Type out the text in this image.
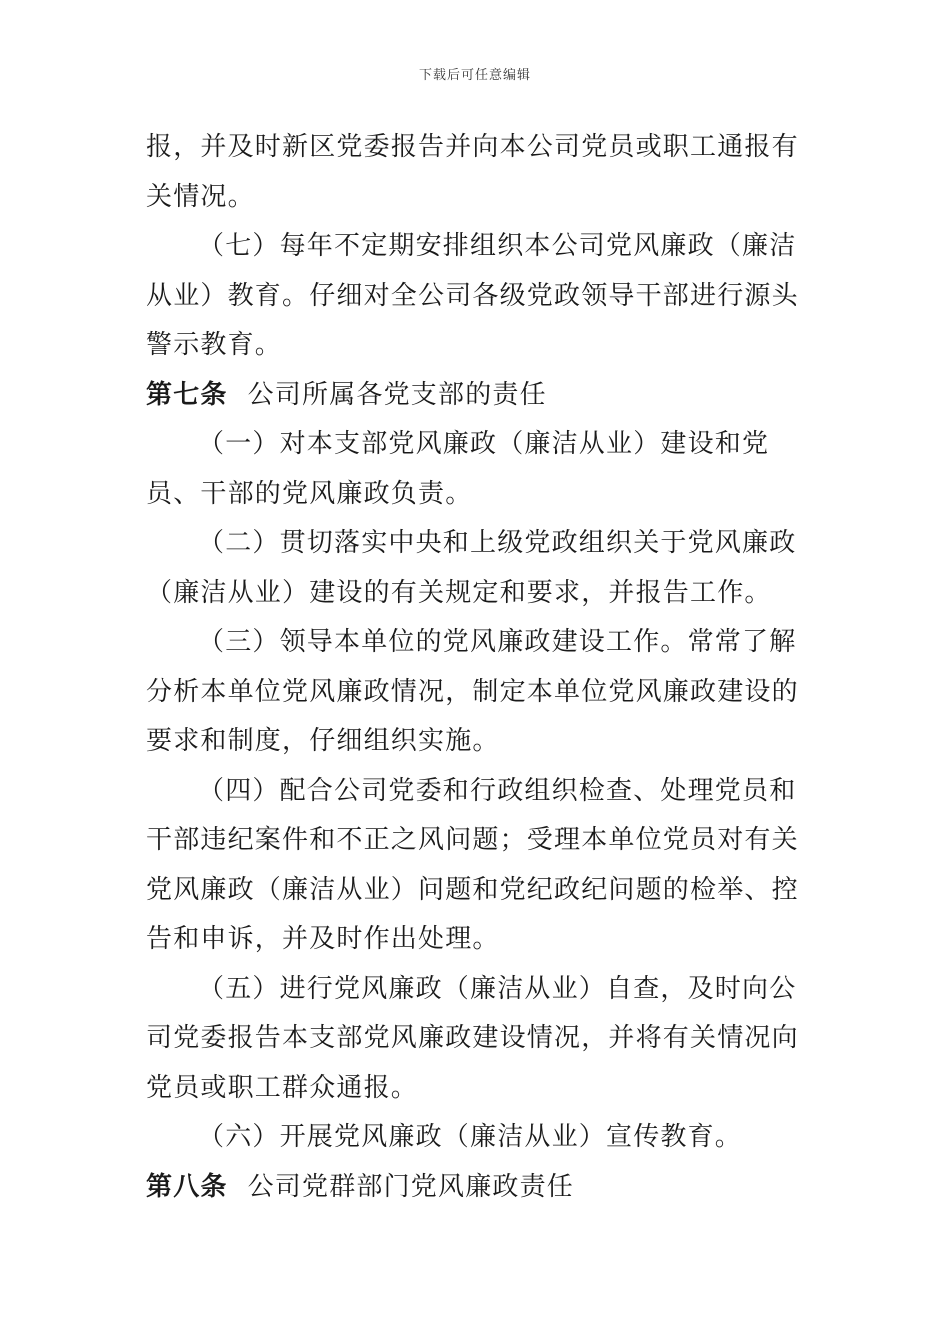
下载后可任意编辑

报，并及时新区党委报告并向本公司党员或职工通报有关情况。

（七）每年不定期安排组织本公司党风廉政（廉洁从业）教育。仔细对全公司各级党政领导干部进行源头警示教育。

第七条 公司所属各党支部的责任

（一）对本支部党风廉政（廉洁从业）建设和党员、干部的党风廉政负责。

（二）贯切落实中央和上级党政组织关于党风廉政（廉洁从业）建设的有关规定和要求，并报告工作。

（三）领导本单位的党风廉政建设工作。常常了解分析本单位党风廉政情况，制定本单位党风廉政建设的要求和制度，仔细组织实施。

（四）配合公司党委和行政组织检查、处理党员和干部违纪案件和不正之风问题；受理本单位党员对有关党风廉政（廉洁从业）问题和党纪政纪问题的检举、控告和申诉，并及时作出处理。

（五）进行党风廉政（廉洁从业）自查，及时向公司党委报告本支部党风廉政建设情况，并将有关情况向党员或职工群众通报。

（六）开展党风廉政（廉洁从业）宣传教育。

第八条 公司党群部门党风廉政责任
